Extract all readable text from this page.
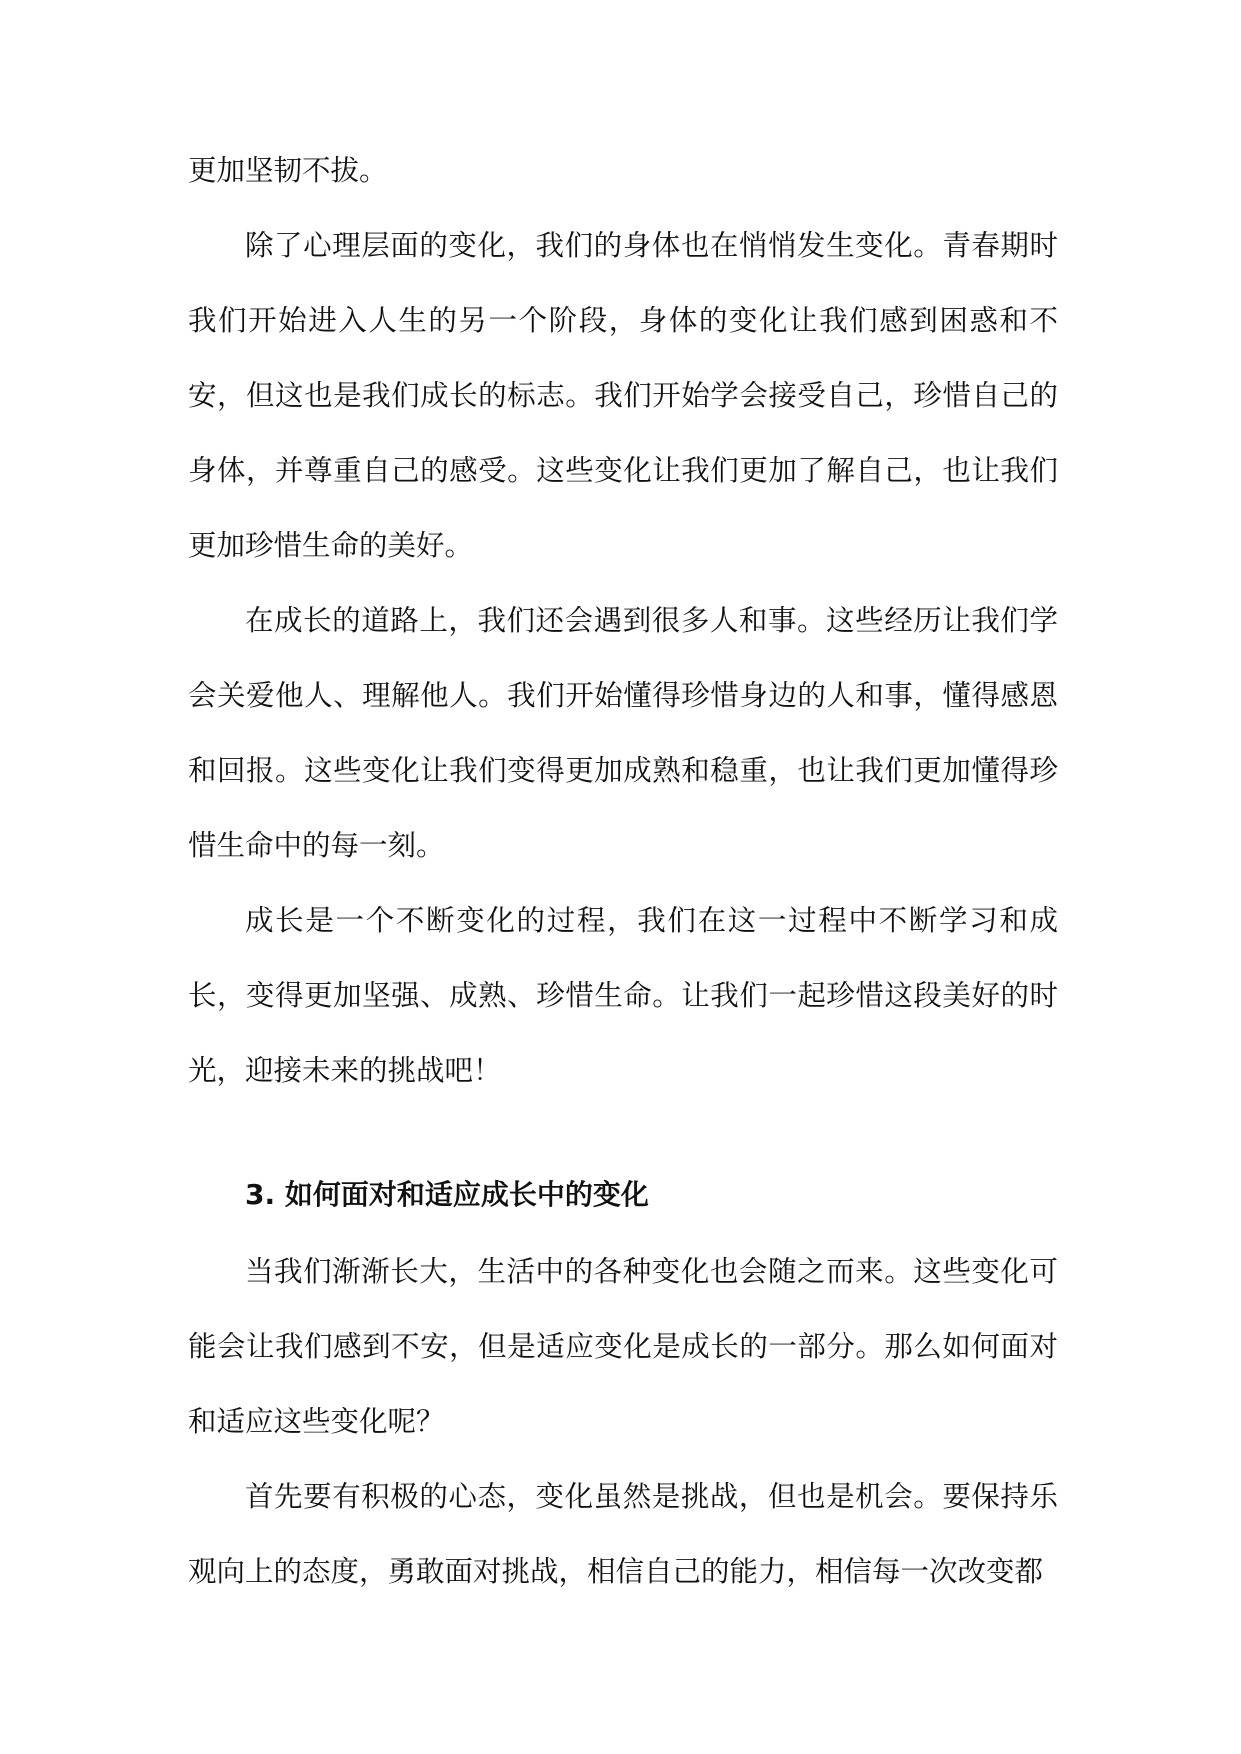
更加坚韧不拔。

除了心理层面的变化，我们的身体也在悄悄发生变化。青春期时我们开始进入人生的另一个阶段，身体的变化让我们感到困惑和不安，但这也是我们成长的标志。我们开始学会接受自己，珍惜自己的身体，并尊重自己的感受。这些变化让我们更加了解自己，也让我们更加珍惜生命的美好。

在成长的道路上，我们还会遇到很多人和事。这些经历让我们学会关爱他人、理解他人。我们开始懂得珍惜身边的人和事，懂得感恩和回报。这些变化让我们变得更加成熟和稳重，也让我们更加懂得珍惜生命中的每一刻。

成长是一个不断变化的过程，我们在这一过程中不断学习和成长，变得更加坚强、成熟、珍惜生命。让我们一起珍惜这段美好的时光，迎接未来的挑战吧！

3. 如何面对和适应成长中的变化

当我们渐渐长大，生活中的各种变化也会随之而来。这些变化可能会让我们感到不安，但是适应变化是成长的一部分。那么如何面对和适应这些变化呢？

首先要有积极的心态，变化虽然是挑战，但也是机会。要保持乐观向上的态度，勇敢面对挑战，相信自己的能力，相信每一次改变都
